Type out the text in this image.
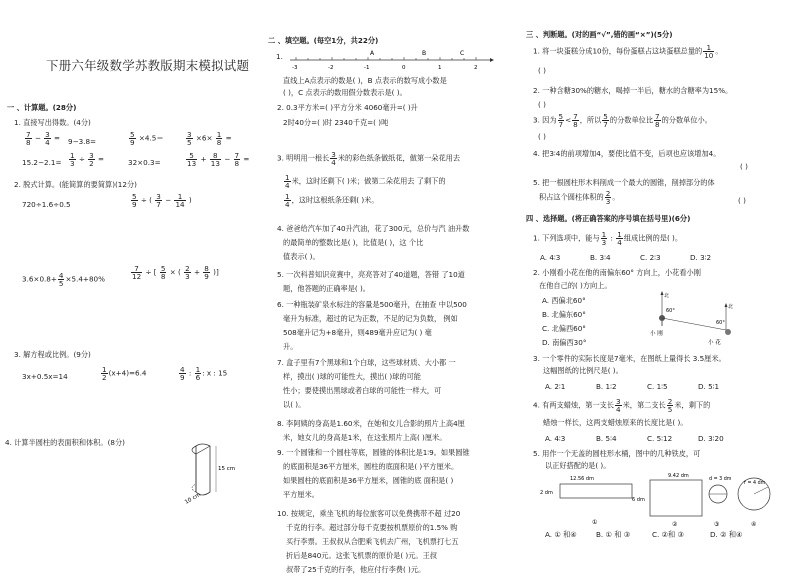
下册六年级数学苏教版期末模拟试题
一 、计算题。(28分)
1. 直接写出得数。(4分)
$\frac{7}{8} - \frac{3}{4} = 9-3.8=$	$\frac{5}{9} \times 4.5=$	$\frac{3}{5} \times 6\times \frac{1}{8}$ =
$15.2-2.1= \frac{1}{3} \div \frac{3}{2}$ =	32×0.3=	$\frac{5}{13} + \frac{8}{13} - \frac{7}{8}$ =
2. 脱式计算。(能简算的要简算)(12分)
720÷1.6÷0.5	$\frac{5}{9}$ ÷ ( $\frac{3}{7} - \frac{1}{14}$ )
$3.6\times 0.8+ \frac{4}{5} \times 5.4+80\%$	$\frac{7}{12}$ ÷ [ $\frac{5}{8}$ × ( $\frac{2}{3} + \frac{8}{9}$ )]
3. 解方程或比例。(9分)
3x+0.5x=14	$\frac{1}{2} (x+4)=6.4$	$\frac{4}{9}$ : $\frac{1}{6}$ : x : 15
4. 计算半圆柱的表面积和体积。(8分)
15 cm
10 cm
二 、填空题。(每空1分，共22分)
1.	A	B	C
-3	-2	-1	0	1	2
直线上A点表示的数是( )，B 点表示的数写成小数是
( )，C 点表示的数用假分数表示是( )。
2. 0.3平方米=( )平方分米 4060毫升=( )升
2时40分=( )时 2340千克=( )吨
3. 明明用一根长 $\frac{3}{4}$ 米的彩色纸条做纸花，做第一朵花用去
$\frac{1}{4}$ 米，这时还剩下( )米；做第二朵花用去 了剩下的
$\frac{1}{4}$ ，这时这根纸条还剩( )米。
4. 爸爸给汽车加了40升汽油，花了300元，总价与汽 油升数
的最简单的整数比是( )，比值是( )，这 个比
值表示( )。
5. 一次科普知识竞赛中，亮亮答对了40道题，答错 了10道
题，他答题的正确率是( )。
6. 一种瓶装矿泉水标注的容量是500毫升，在抽查 中以500
毫升为标准，超过的记为正数，不足的记为负数， 例如
508毫升记为+8毫升，则489毫升应记为( ) 毫
升。
7. 盒子里有7个黑球和1个白球，这些球材质、大小都 一
样，摸出( )球的可能性大，摸出( )球的可能
性小；要使摸出黑球或者白球的可能性一样大，可
以( )。
8. 李阿姨的身高是1.60米，在她和女儿合影的照片上高4厘
米，她女儿的身高是1米，在这张照片上高( )厘米。
9. 一个圆锥和一个圆柱等底，圆锥的体积比是1∶9。如果圆锥
的底面积是36平方厘米，圆柱的底面积是( )平方厘米。
如果圆柱的底面积是36平方厘米，圆锥的底 面积是( )
平方厘米。
10. 按规定，乘坐飞机的每位旅客可以免费携带不超 过20
千克的行李。超过部分每千克要按机票原价的1.5% 购
买行李票。王叔叔从合肥乘飞机去广州，飞机票打七五
折后是840元。这张飞机票的原价是( )元。王叔
叔带了25千克的行李，他应付行李费( )元。
三 、判断题。(对的画“√”,错的画“×”)(5分)
1. 将一块蛋糕分成10份，每份蛋糕占这块蛋糕总量的 $\frac{1}{10}$ 。
( )
2. 一种含糖30%的糖水，喝掉一半后，糖水的含糖率为15%。
( )
3. 因为 $\frac{5}{7} < \frac{7}{8}$ ，所以 $\frac{5}{7}$ 的分数单位比 $\frac{7}{8}$ 的分数单位小。
( )
4. 把3∶4的前项增加4，要使比值不变，后项也应该增加4。
( )
5. 把一根圆柱形木料削成一个最大的圆锥，削掉部分的体
积占这个圆柱体积的 $\frac{2}{3}$ 。	( )
四 、选择题。(将正确答案的序号填在括号里)(6分)
1. 下列选项中，能与 $\frac{1}{3}$ : $\frac{1}{4}$ 组成比例的是( )。
A. 4∶3	B. 3∶4	C. 2∶3	D. 3∶2
2. 小刚看小花在他的南偏东60° 方向上，小花看小刚
在他自己的( )方向上。
A. 西偏北60°
B. 北偏东60°
C. 北偏西60°
D. 南偏西30°
北
60°
小 刚
北
60°
小 花
3. 一个零件的实际长度是7毫米，在图纸上量得长 3.5厘米。
这幅图纸的比例尺是( )。
A. 2∶1	B. 1∶2	C. 1∶5	D. 5∶1
4. 有两支蜡烛，第一支长 $\frac{3}{4}$ 米，第二支长 $\frac{2}{5}$ 米，剩下的
蜡烛一样长，这两支蜡烛原来的长度比是( )。
A. 4∶3	B. 5∶4	C. 5∶12	D. 3∶20
5. 用作一个无盖的圆柱形水桶，图中的几种铁皮，可
以正好搭配的是( )。
12.56 dm
2 dm
9.42 dm
6 dm
d = 3 dm
r = 4 dm
①	②	③	④
A. ① 和④	B. ① 和 ③	C. ②和 ③	D. ② 和④
